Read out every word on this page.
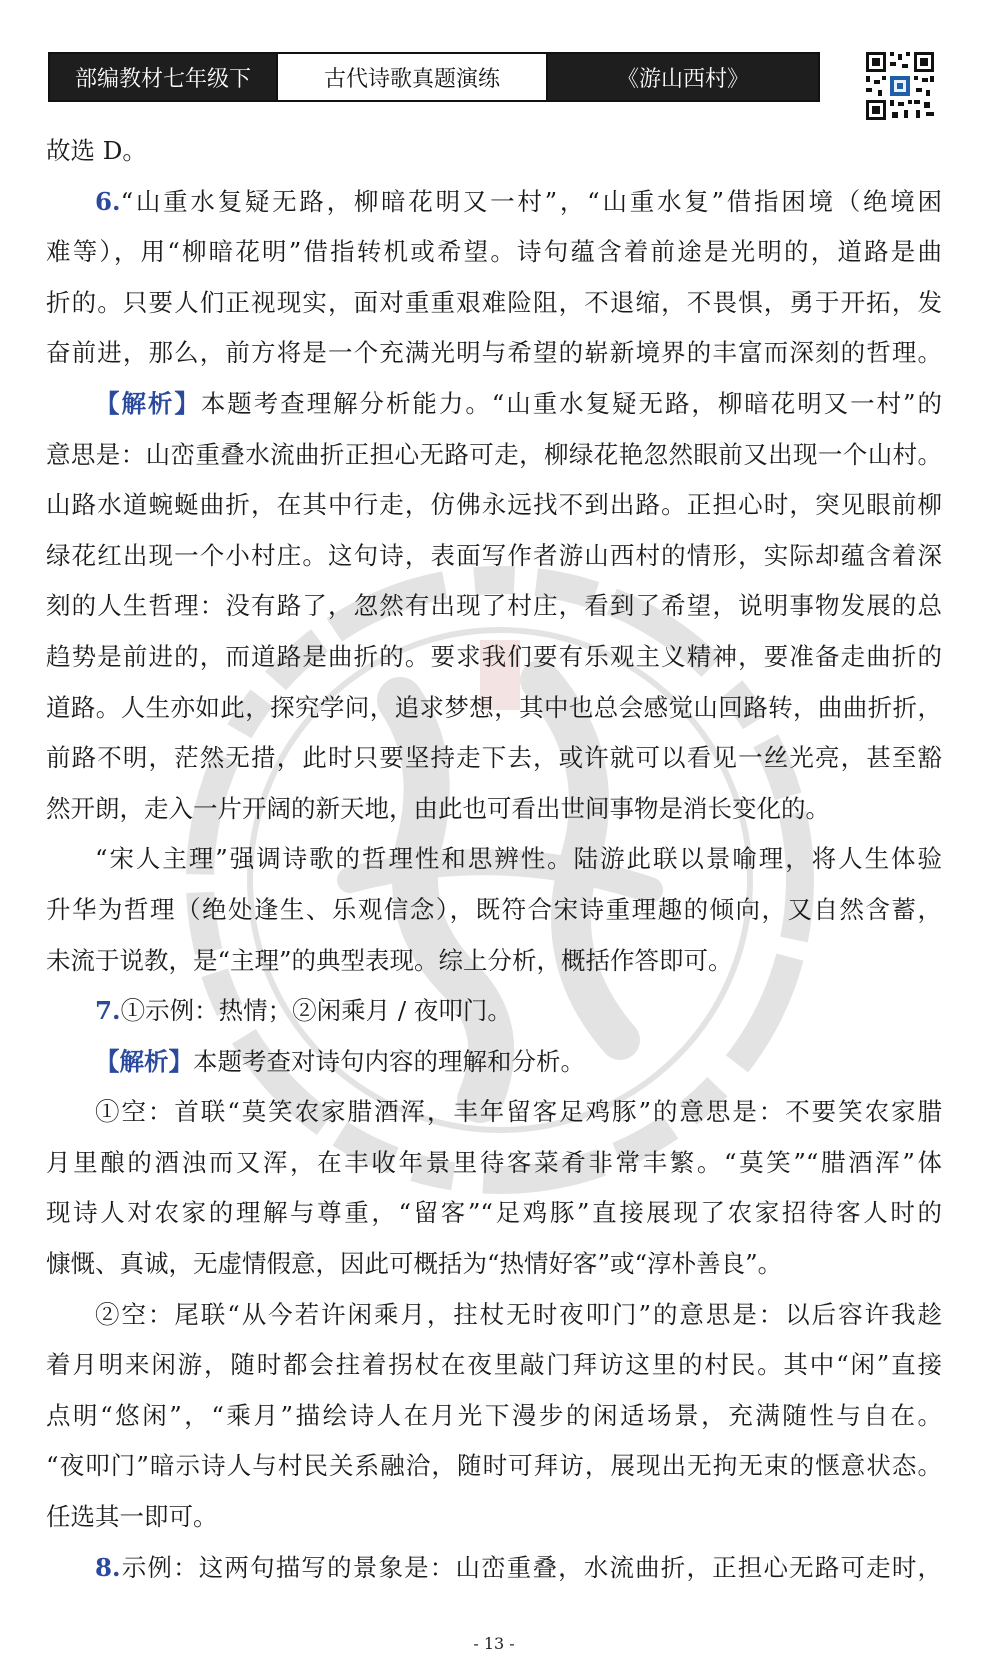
部编教材七年级下	古代诗歌真题演练	《游山西村》
故选 D。
6.“山重水复疑无路，柳暗花明又一村”，“山重水复”借指困境（绝境困
难等），用“柳暗花明”借指转机或希望。诗句蕴含着前途是光明的，道路是曲
折的。只要人们正视现实，面对重重艰难险阻，不退缩，不畏惧，勇于开拓，发
奋前进，那么，前方将是一个充满光明与希望的崭新境界的丰富而深刻的哲理。
【解析】本题考查理解分析能力。“山重水复疑无路，柳暗花明又一村”的
意思是：山峦重叠水流曲折正担心无路可走，柳绿花艳忽然眼前又出现一个山村。
山路水道蜿蜒曲折，在其中行走，仿佛永远找不到出路。正担心时，突见眼前柳
绿花红出现一个小村庄。这句诗，表面写作者游山西村的情形，实际却蕴含着深
刻的人生哲理：没有路了，忽然有出现了村庄，看到了希望，说明事物发展的总
趋势是前进的，而道路是曲折的。要求我们要有乐观主义精神，要准备走曲折的
道路。人生亦如此，探究学问，追求梦想，其中也总会感觉山回路转，曲曲折折，
前路不明，茫然无措，此时只要坚持走下去，或许就可以看见一丝光亮，甚至豁
然开朗，走入一片开阔的新天地，由此也可看出世间事物是消长变化的。
“宋人主理”强调诗歌的哲理性和思辨性。陆游此联以景喻理，将人生体验
升华为哲理（绝处逢生、乐观信念），既符合宋诗重理趣的倾向，又自然含蓄，
未流于说教，是“主理”的典型表现。综上分析，概括作答即可。
7.①示例：热情；②闲乘月 / 夜叩门。
【解析】本题考查对诗句内容的理解和分析。
①空：首联“莫笑农家腊酒浑，丰年留客足鸡豚”的意思是：不要笑农家腊
月里酿的酒浊而又浑，在丰收年景里待客菜肴非常丰繁。“莫笑”“腊酒浑”体
现诗人对农家的理解与尊重，“留客”“足鸡豚”直接展现了农家招待客人时的
慷慨、真诚，无虚情假意，因此可概括为“热情好客”或“淳朴善良”。
②空：尾联“从今若许闲乘月，拄杖无时夜叩门”的意思是：以后容许我趁
着月明来闲游，随时都会拄着拐杖在夜里敲门拜访这里的村民。其中“闲”直接
点明“悠闲”，“乘月”描绘诗人在月光下漫步的闲适场景，充满随性与自在。
“夜叩门”暗示诗人与村民关系融洽，随时可拜访，展现出无拘无束的惬意状态。
任选其一即可。
8.示例：这两句描写的景象是：山峦重叠，水流曲折，正担心无路可走时，
- 13 -
